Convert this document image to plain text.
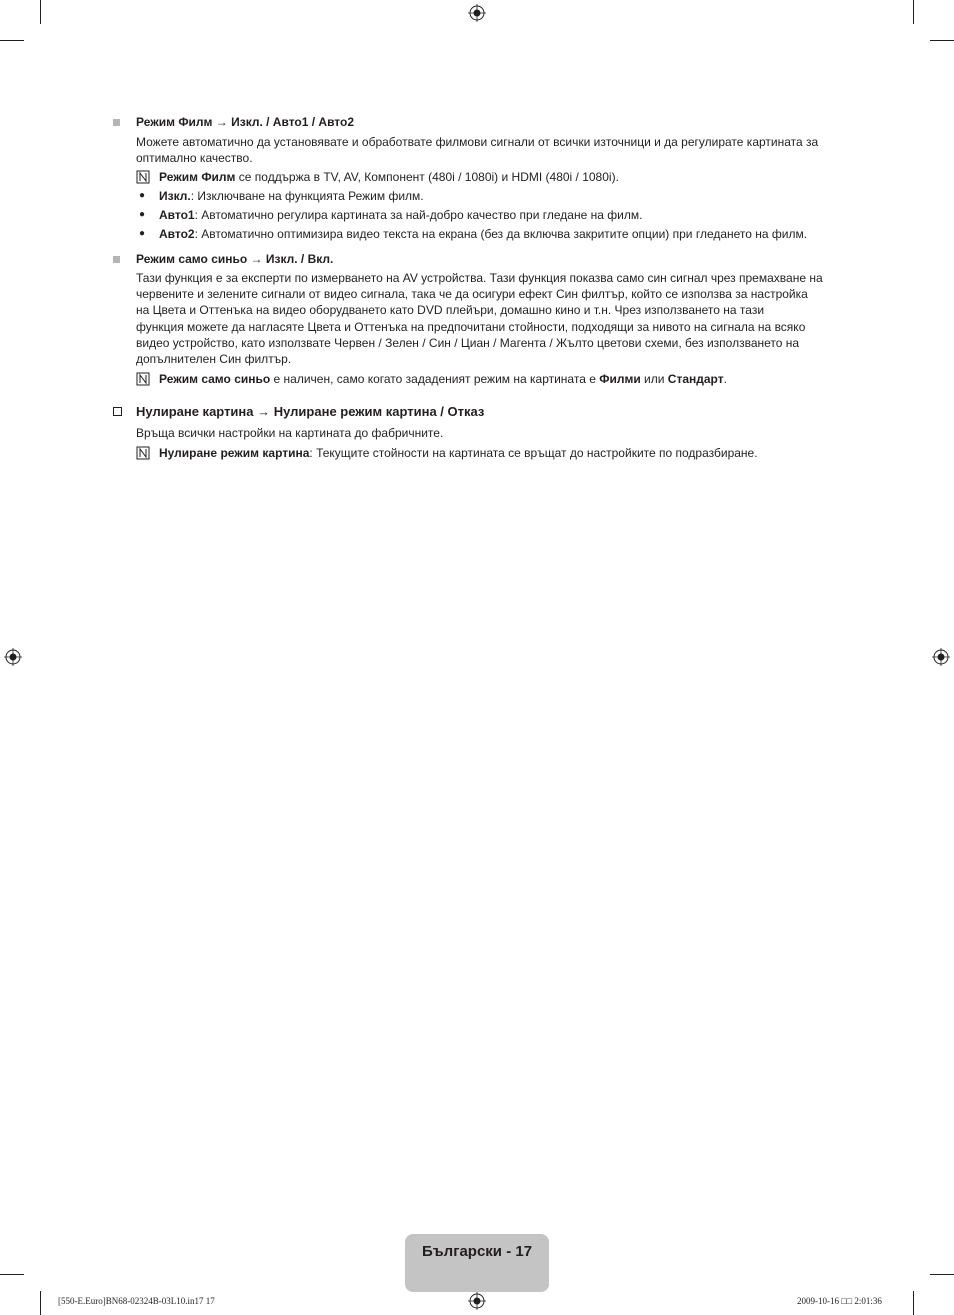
Режим Филм → Изкл. / Авто1 / Авто2
Можете автоматично да установявате и обработвате филмови сигнали от всички източници и да регулирате картината за оптимално качество.
Режим Филм се поддържа в TV, AV, Компонент (480i / 1080i) и HDMI (480i / 1080i).
● Изкл.: Изключване на функцията Режим филм.
● Авто1: Автоматично регулира картината за най-добро качество при гледане на филм.
● Авто2: Автоматично оптимизира видео текста на екрана (без да включва закритите опции) при гледането на филм.
Режим само синьо → Изкл. / Вкл.
Тази функция е за експерти по измерването на AV устройства. Тази функция показва само син сигнал чрез премахване на
червените и зелените сигнали от видео сигнала, така че да осигури ефект Син филтър, който се използва за настройка
на Цвета и Оттенъка на видео оборудването като DVD плейъри, домашно кино и т.н. Чрез използването на тази
функция можете да нагласяте Цвета и Оттенъка на предпочитани стойности, подходящи за нивото на сигнала на всяко
видео устройство, като използвате Червен / Зелен / Син / Циан / Магента / Жълто цветови схеми, без използването на
допълнителен Син филтър.
Режим само синьо е наличен, само когато зададеният режим на картината е Филми или Стандарт.
Нулиране картина → Нулиране режим картина / Отказ
Връща всички настройки на картината до фабричните.
Нулиране режим картина: Текущите стойности на картината се връщат до настройките по подразбиране.
Български - 17
[550-E.Euro]BN68-02324B-03L10.in17 17	2009-10-16 □□ 2:01:36
